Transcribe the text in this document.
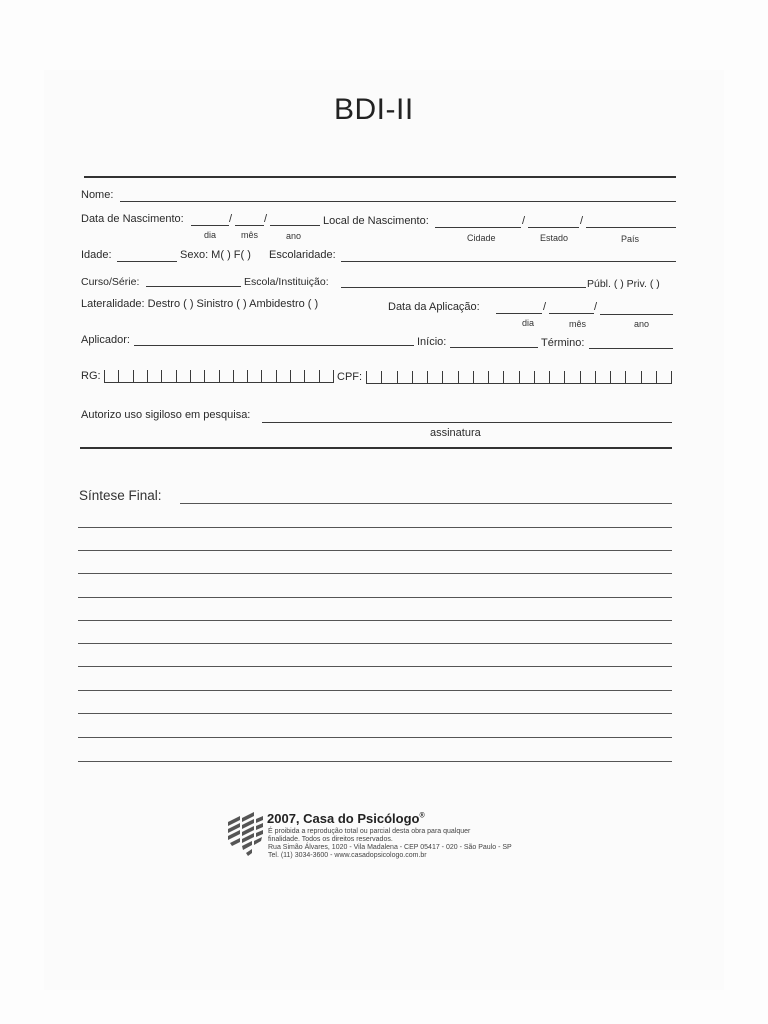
BDI-II
Nome:
Data de Nascimento:	/	/	Local de Nascimento:	/	/
dia	mês	ano	Cidade	Estado	País
Idade:	Sexo: M( ) F( ) Escolaridade:
Curso/Série:	Escola/Instituição:	Públ. ( ) Priv. ( )
Lateralidade: Destro ( ) Sinistro ( ) Ambidestro ( )	Data da Aplicação:	/	/
dia	mês	ano
Aplicador:	Início:	Término:
RG:	CPF:
Autorizo uso sigiloso em pesquisa:
assinatura
Síntese Final:
2007, Casa do Psicólogo®
É proibida a reprodução total ou parcial desta obra para qualquer
finalidade. Todos os direitos reservados.
Rua Simão Álvares, 1020 - Vila Madalena - CEP 05417 - 020 - São Paulo - SP
Tel. (11) 3034-3600 - www.casadopsicologo.com.br
